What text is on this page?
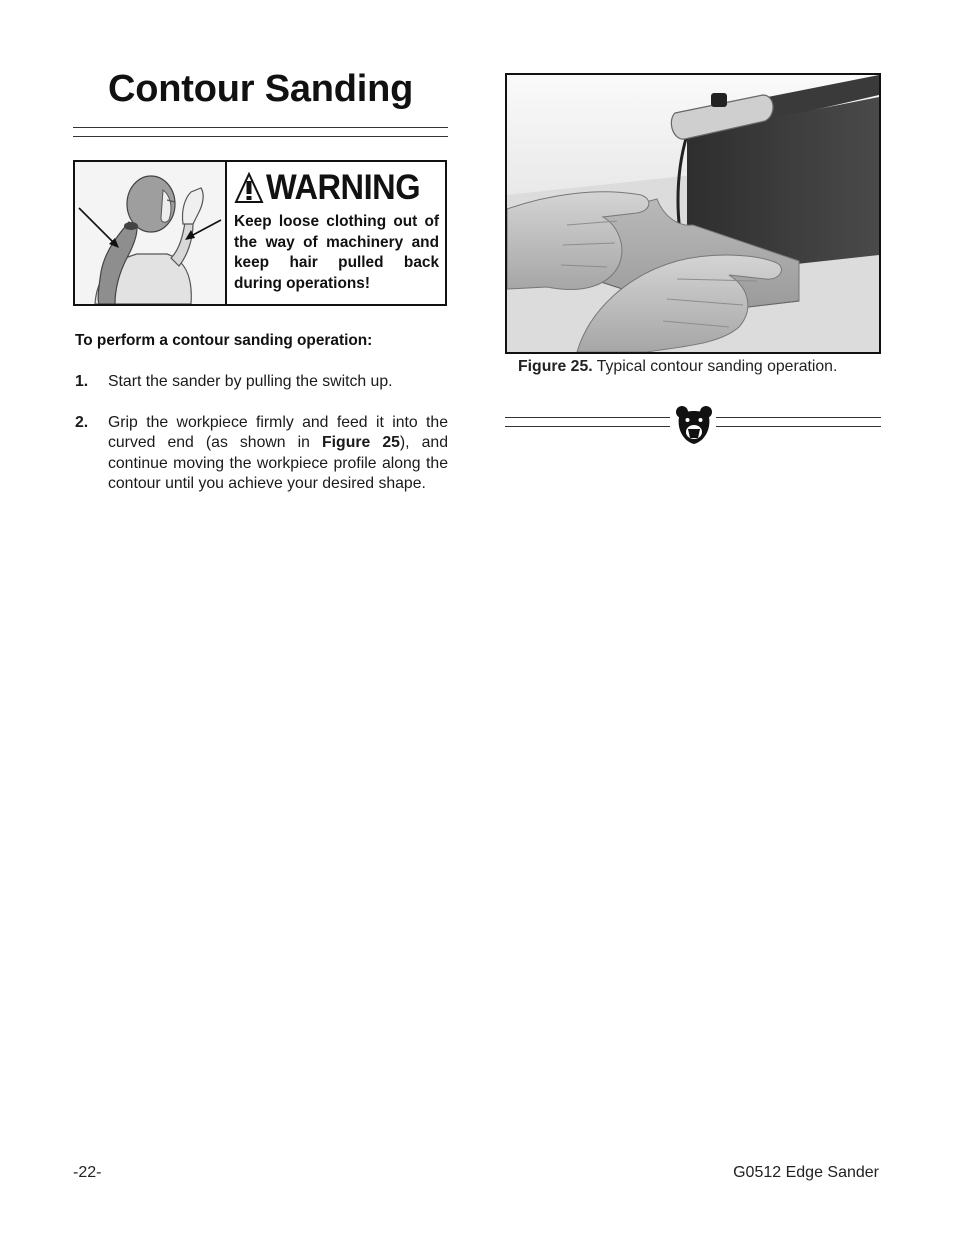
Contour Sanding
WARNING
Keep loose clothing out of the way of machinery and keep hair pulled back during operations!
To perform a contour sanding operation:
1. Start the sander by pulling the switch up.
2. Grip the workpiece firmly and feed it into the curved end (as shown in Figure 25), and continue moving the workpiece profile along the contour until you achieve your desired shape.
Figure 25. Typical contour sanding operation.
-22-	G0512 Edge Sander
